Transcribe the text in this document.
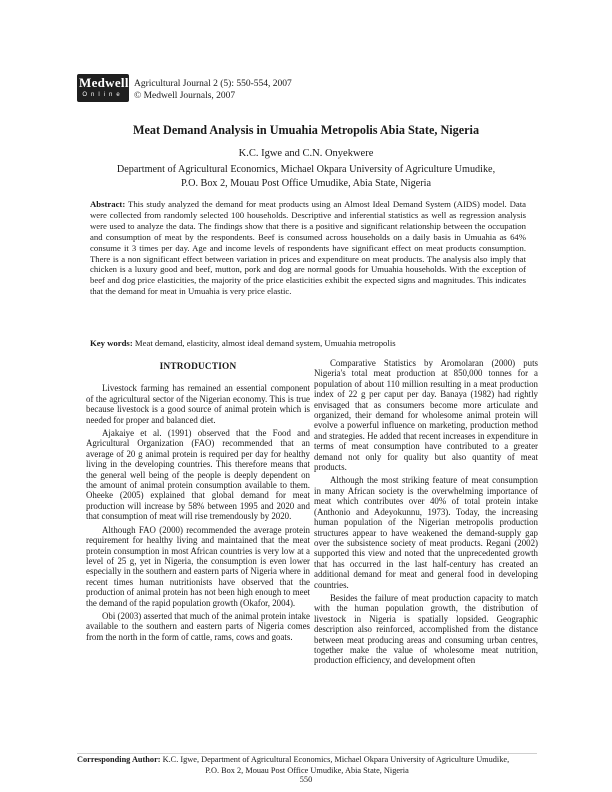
Medwell
Online
Agricultural Journal 2 (5): 550-554, 2007
© Medwell Journals, 2007
Meat Demand Analysis in Umuahia Metropolis Abia State, Nigeria
K.C. Igwe and C.N. Onyekwere
Department of Agricultural Economics, Michael Okpara University of Agriculture Umudike,
P.O. Box 2, Mouau Post Office Umudike, Abia State, Nigeria
Abstract: This study analyzed the demand for meat products using an Almost Ideal Demand System (AIDS) model. Data were collected from randomly selected 100 households. Descriptive and inferential statistics as well as regression analysis were used to analyze the data. The findings show that there is a positive and significant relationship between the occupation and consumption of meat by the respondents. Beef is consumed across households on a daily basis in Umuahia as 64% consume it 3 times per day. Age and income levels of respondents have significant effect on meat products consumption. There is a non significant effect between variation in prices and expenditure on meat products. The analysis also imply that chicken is a luxury good and beef, mutton, pork and dog are normal goods for Umuahia households. With the exception of beef and dog price elasticities, the majority of the price elasticities exhibit the expected signs and magnitudes. This indicates that the demand for meat in Umuahia is very price elastic.
Key words: Meat demand, elasticity, almost ideal demand system, Umuahia metropolis
INTRODUCTION

Livestock farming has remained an essential component of the agricultural sector of the Nigerian economy. This is true because livestock is a good source of animal protein which is needed for proper and balanced diet.

Ajakaiye et al. (1991) observed that the Food and Agricultural Organization (FAO) recommended that an average of 20 g animal protein is required per day for healthy living in the developing countries. This therefore means that the general well being of the people is deeply dependent on the amount of animal protein consumption available to them. Oheeke (2005) explained that global demand for meat production will increase by 58% between 1995 and 2020 and that consumption of meat will rise tremendously by 2020.

Although FAO (2000) recommended the average protein requirement for healthy living and maintained that the meat protein consumption in most African countries is very low at a level of 25 g, yet in Nigeria, the consumption is even lower especially in the southern and eastern parts of Nigeria where in recent times human nutritionists have observed that the production of animal protein has not been high enough to meet the demand of the rapid population growth (Okafor, 2004).

Obi (2003) asserted that much of the animal protein intake available to the southern and eastern parts of Nigeria comes from the north in the form of cattle, rams, cows and goats.

Comparative Statistics by Aromolaran (2000) puts Nigeria's total meat production at 850,000 tonnes for a population of about 110 million resulting in a meat production index of 22 g per caput per day. Banaya (1982) had rightly envisaged that as consumers become more articulate and organized, their demand for wholesome animal protein will evolve a powerful influence on marketing, production method and strategies. He added that recent increases in expenditure in terms of meat consumption have contributed to a greater demand not only for quality but also quantity of meat products.

Although the most striking feature of meat consumption in many African society is the overwhelming importance of meat which contributes over 40% of total protein intake (Anthonio and Adeyokunnu, 1973). Today, the increasing human population of the Nigerian metropolis production structures appear to have weakened the demand-supply gap over the subsistence society of meat products. Regani (2002) supported this view and noted that the unprecedented growth that has occurred in the last half-century has created an additional demand for meat and general food in developing countries.

Besides the failure of meat production capacity to match with the human population growth, the distribution of livestock in Nigeria is spatially lopsided. Geographic description also reinforced, accomplished from the distance between meat producing areas and consuming urban centres, together make the value of wholesome meat nutrition, production efficiency, and development often

Corresponding Author: K.C. Igwe, Department of Agricultural Economics, Michael Okpara University of Agriculture Umudike,
P.O. Box 2, Mouau Post Office Umudike, Abia State, Nigeria
550
